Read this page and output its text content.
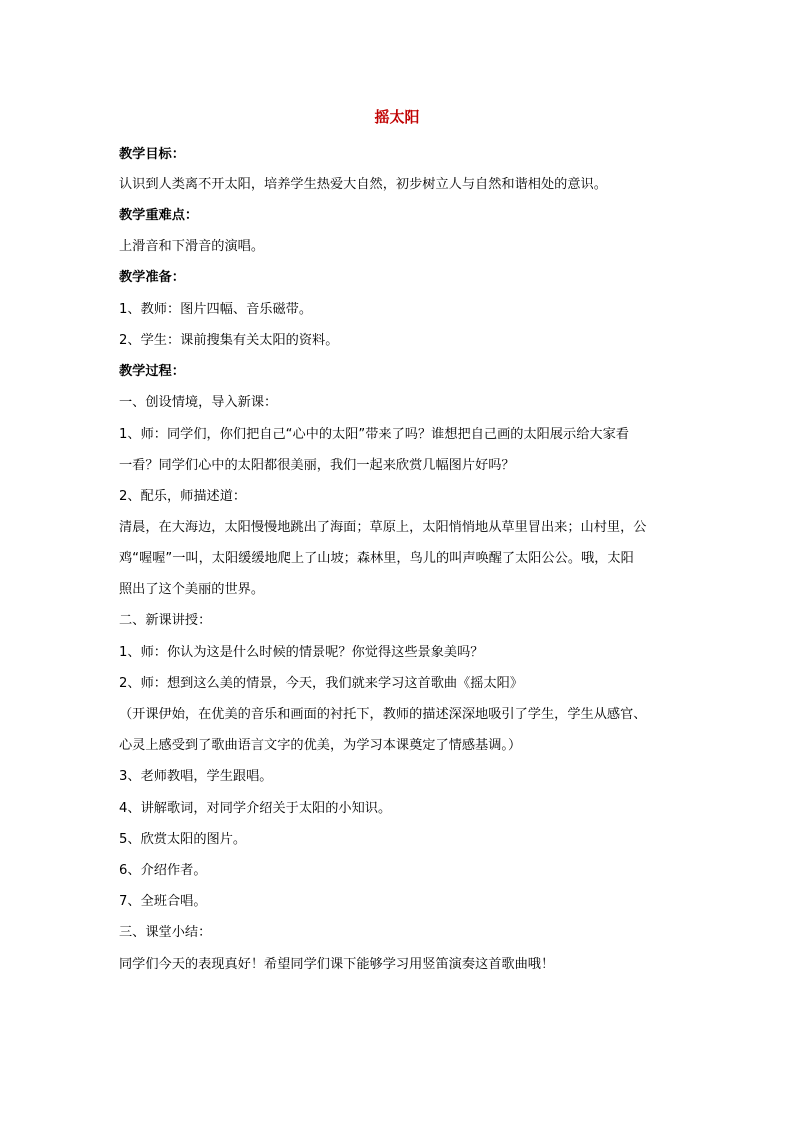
摇太阳
教学目标：
认识到人类离不开太阳，培养学生热爱大自然，初步树立人与自然和谐相处的意识。
教学重难点：
上滑音和下滑音的演唱。
教学准备：
1、教师：图片四幅、音乐磁带。
2、学生：课前搜集有关太阳的资料。
教学过程：
一、创设情境，导入新课：
1、师：同学们，你们把自己“心中的太阳”带来了吗？谁想把自己画的太阳展示给大家看
一看？同学们心中的太阳都很美丽，我们一起来欣赏几幅图片好吗？
2、配乐，师描述道：
清晨，在大海边，太阳慢慢地跳出了海面；草原上，太阳悄悄地从草里冒出来；山村里，公
鸡“喔喔”一叫，太阳缓缓地爬上了山坡；森林里，鸟儿的叫声唤醒了太阳公公。哦，太阳
照出了这个美丽的世界。
二、新课讲授：
1、师：你认为这是什么时候的情景呢？你觉得这些景象美吗？
2、师：想到这么美的情景，今天，我们就来学习这首歌曲《摇太阳》
（开课伊始，在优美的音乐和画面的衬托下，教师的描述深深地吸引了学生，学生从感官、
心灵上感受到了歌曲语言文字的优美，为学习本课奠定了情感基调。）
3、老师教唱，学生跟唱。
4、讲解歌词，对同学介绍关于太阳的小知识。
5、欣赏太阳的图片。
6、介绍作者。
7、全班合唱。
三、课堂小结：
同学们今天的表现真好！希望同学们课下能够学习用竖笛演奏这首歌曲哦！
